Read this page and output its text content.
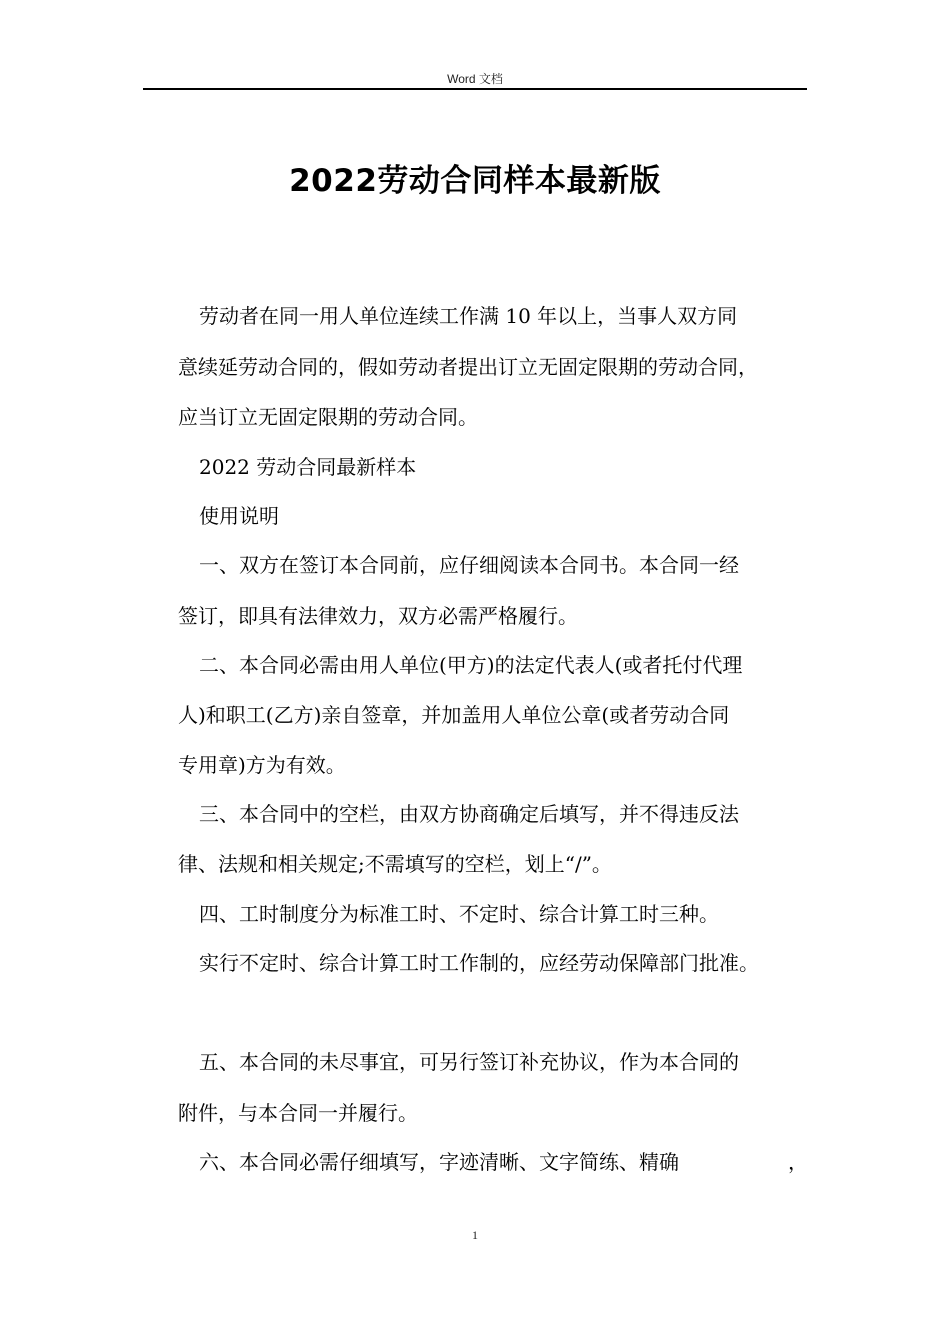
Word 文档
2022劳动合同样本最新版
劳动者在同一用人单位连续工作满 10 年以上，当事人双方同
意续延劳动合同的，假如劳动者提出订立无固定限期的劳动合同，
应当订立无固定限期的劳动合同。
2022 劳动合同最新样本
使用说明
一、双方在签订本合同前，应仔细阅读本合同书。本合同一经
签订，即具有法律效力，双方必需严格履行。
二、本合同必需由用人单位(甲方)的法定代表人(或者托付代理
人)和职工(乙方)亲自签章，并加盖用人单位公章(或者劳动合同
专用章)方为有效。
三、本合同中的空栏，由双方协商确定后填写，并不得违反法
律、法规和相关规定;不需填写的空栏，划上“/”。
四、工时制度分为标准工时、不定时、综合计算工时三种。
实行不定时、综合计算工时工作制的，应经劳动保障部门批准。
五、本合同的未尽事宜，可另行签订补充协议，作为本合同的
附件，与本合同一并履行。
六、本合同必需仔细填写，字迹清晰、文字简练、精确	，
1
